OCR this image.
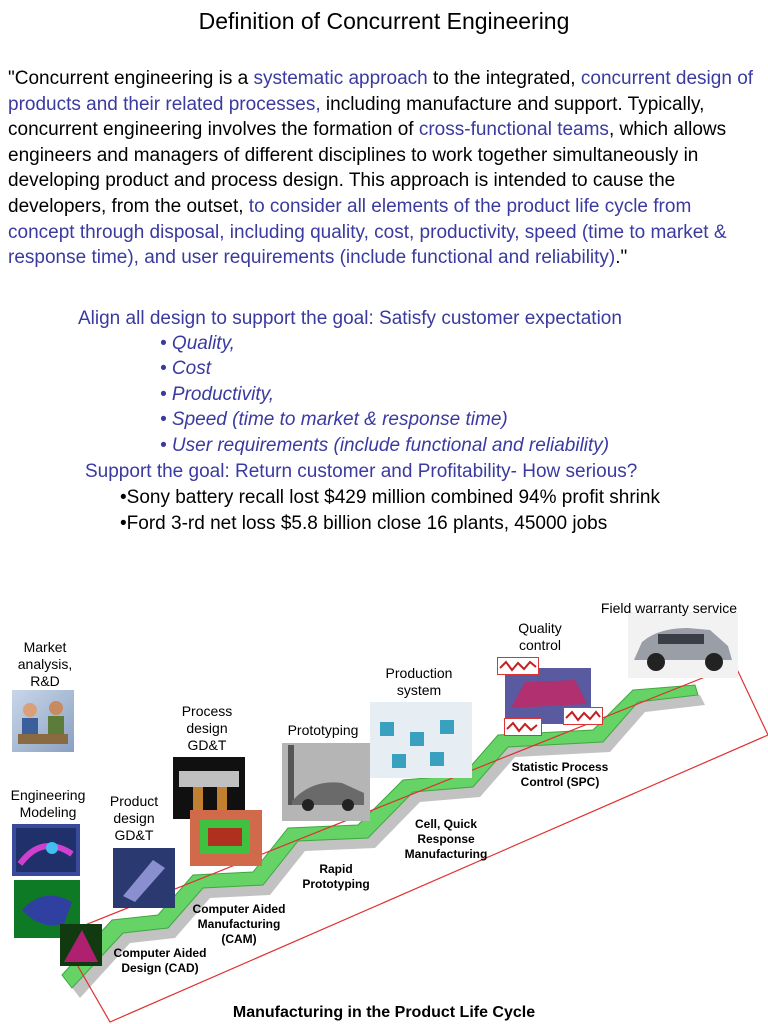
Definition of Concurrent Engineering
"Concurrent engineering is a systematic approach to the integrated, concurrent design of products and their related processes, including manufacture and support. Typically, concurrent engineering involves the formation of cross-functional teams, which allows engineers and managers of different disciplines to work together simultaneously in developing product and process design. This approach is intended to cause the developers, from the outset, to consider all elements of the product life cycle from concept through disposal, including quality, cost, productivity, speed (time to market & response time), and user requirements (include functional and reliability)."
Align all design to support the goal: Satisfy customer expectation
• Quality,
• Cost
• Productivity,
• Speed (time to market & response time)
• User requirements (include functional and reliability)
Support the goal: Return customer and Profitability- How serious?
•Sony battery recall lost $429 million combined 94% profit shrink
•Ford 3-rd net loss $5.8 billion close 16 plants, 45000 jobs
Market analysis, R&D
Engineering Modeling
Product design GD&T
Process design GD&T
Prototyping
Production system
Quality control
Field warranty service
Computer Aided Design (CAD)
Computer Aided Manufacturing (CAM)
Rapid Prototyping
Cell, Quick Response Manufacturing
Statistic Process Control (SPC)
Manufacturing in the Product Life Cycle
